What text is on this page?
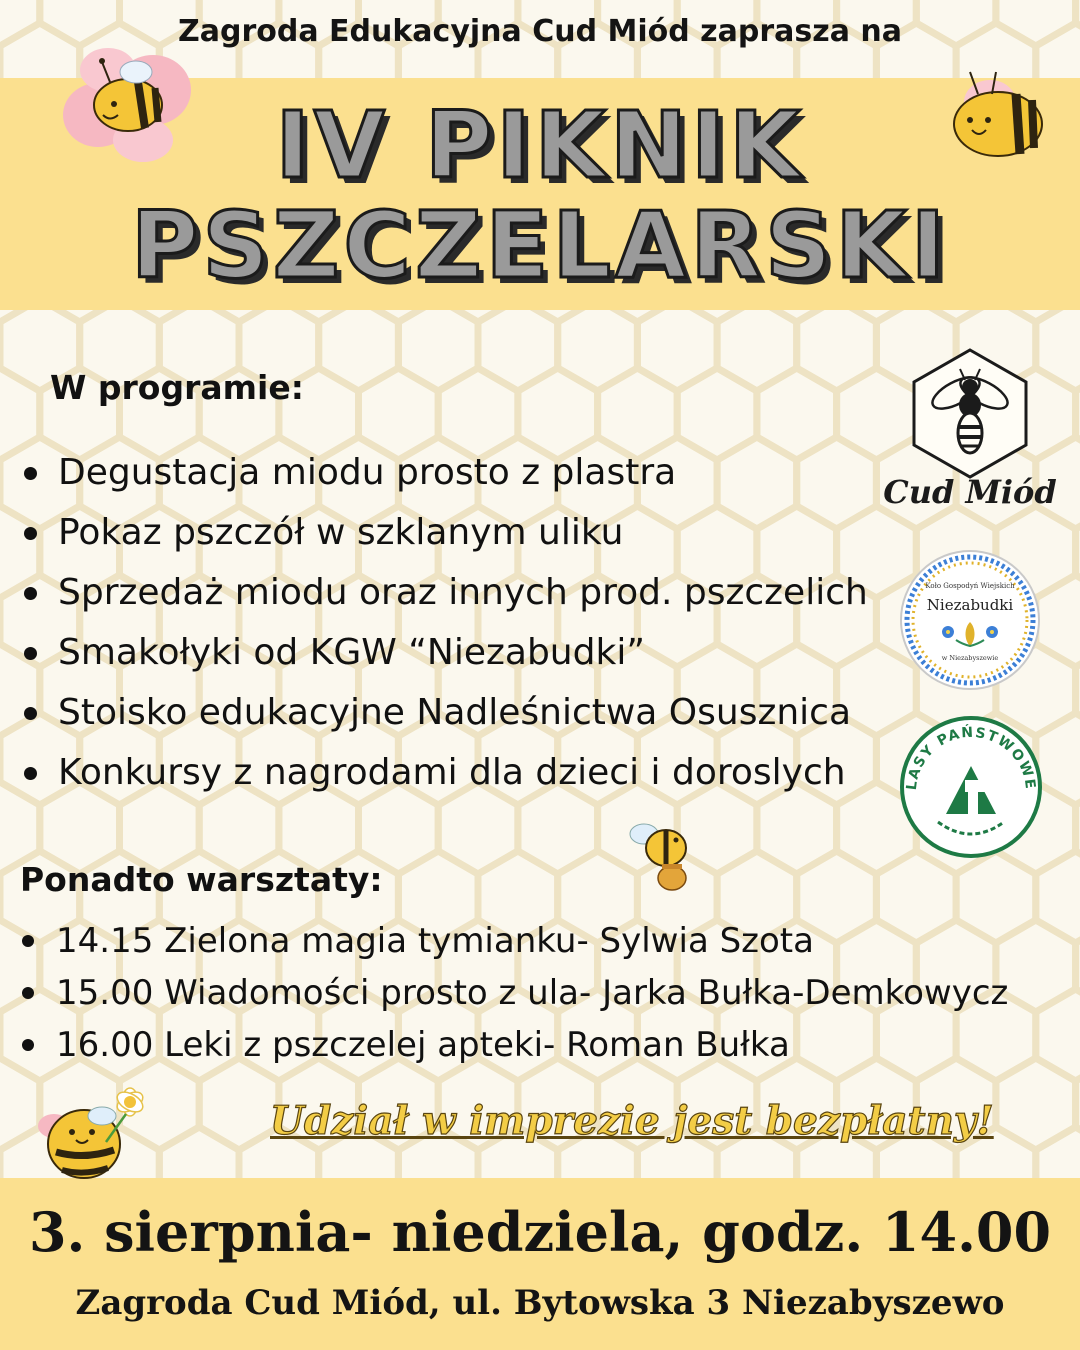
Zagroda Edukacyjna Cud Miód zaprasza na
IV PIKNIK
PSZCZELARSKI
W programie:
Degustacja miodu prosto z plastra
Pokaz pszczół w szklanym uliku
Sprzedaż miodu oraz innych prod. pszczelich
Smakołyki od KGW “Niezabudki”
Stoisko edukacyjne Nadleśnictwa Osusznica
Konkursy z nagrodami dla dzieci i doroslych
Ponadto warsztaty:
14.15 Zielona magia tymianku- Sylwia Szota
15.00 Wiadomości prosto z ula- Jarka Bułka-Demkowycz
16.00 Leki z pszczelej apteki- Roman Bułka
Udział w imprezie jest bezpłatny!
3. sierpnia- niedziela, godz. 14.00
Zagroda Cud Miód, ul. Bytowska 3 Niezabyszewo
Cud Miód
Koło Gospodyń Wiejskich
Niezabudki
w Niezabyszewie
LASY PAŃSTWOWE
